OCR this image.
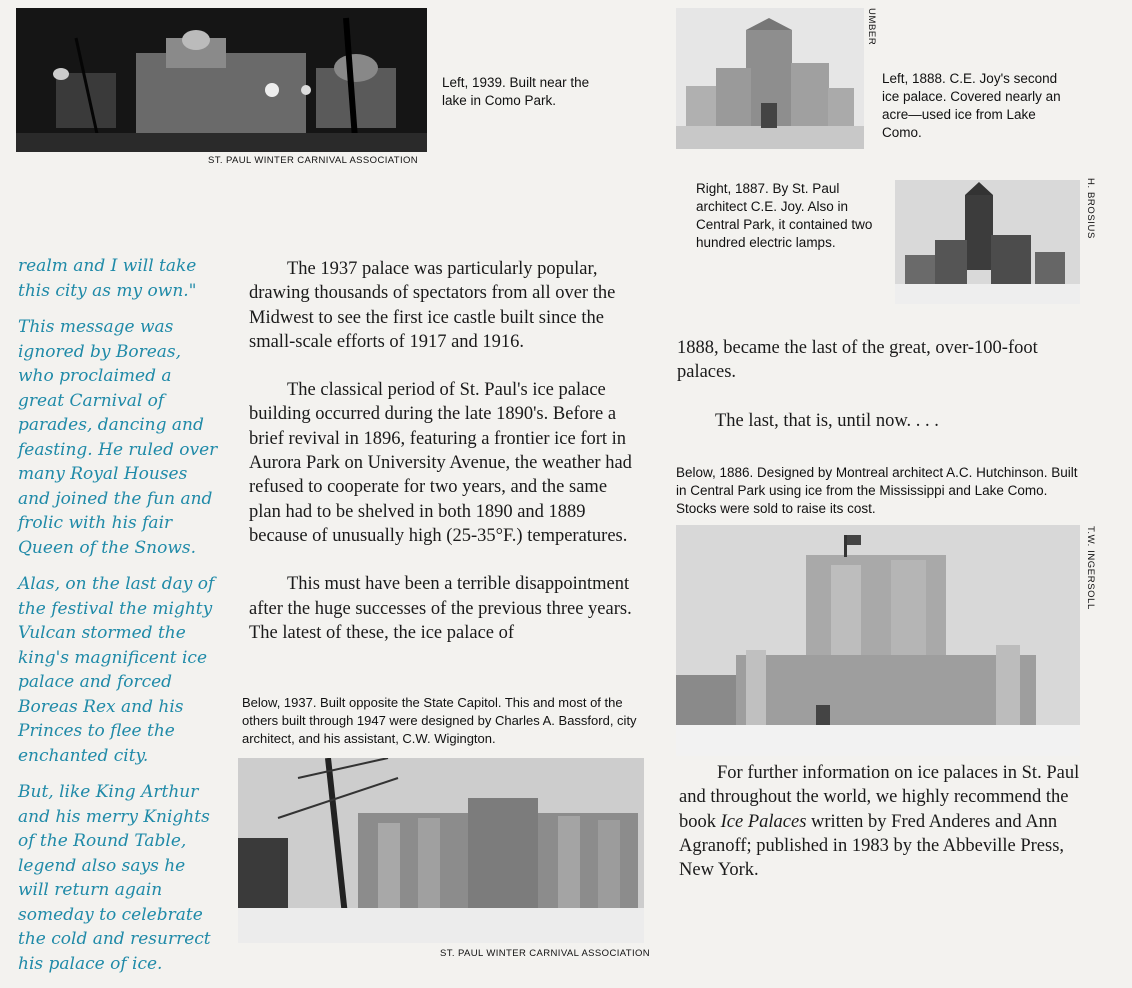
ST. PAUL WINTER CARNIVAL ASSOCIATION
Left, 1939. Built near the lake in Como Park.
UMBER
Left, 1888. C.E. Joy's second ice palace. Covered nearly an acre—used ice from Lake Como.
Right, 1887. By St. Paul architect C.E. Joy. Also in Central Park, it contained two hundred electric lamps.
H. BROSIUS

realm and I will take this city as my own."

This message was ignored by Boreas, who proclaimed a great Carnival of parades, dancing and feasting. He ruled over many Royal Houses and joined the fun and frolic with his fair Queen of the Snows.

Alas, on the last day of the festival the mighty Vulcan stormed the king's magnificent ice palace and forced Boreas Rex and his Princes to flee the enchanted city.

But, like King Arthur and his merry Knights of the Round Table, legend also says he will return again someday to celebrate the cold and resurrect his palace of ice.

The 1937 palace was particularly popular, drawing thousands of spectators from all over the Midwest to see the first ice castle built since the small-scale efforts of 1917 and 1916.

The classical period of St. Paul's ice palace building occurred during the late 1890's. Before a brief revival in 1896, featuring a frontier ice fort in Aurora Park on University Avenue, the weather had refused to cooperate for two years, and the same plan had to be shelved in both 1890 and 1889 because of unusually high (25-35°F.) temperatures.

This must have been a terrible disappointment after the huge successes of the previous three years. The latest of these, the ice palace of

Below, 1937. Built opposite the State Capitol. This and most of the others built through 1947 were designed by Charles A. Bassford, city architect, and his assistant, C.W. Wigington.
ST. PAUL WINTER CARNIVAL ASSOCIATION

1888, became the last of the great, over-100-foot palaces.

The last, that is, until now. . . .

Below, 1886. Designed by Montreal architect A.C. Hutchinson. Built in Central Park using ice from the Mississippi and Lake Como. Stocks were sold to raise its cost.
T.W. INGERSOLL

For further information on ice palaces in St. Paul and throughout the world, we highly recommend the book Ice Palaces written by Fred Anderes and Ann Agranoff; published in 1983 by the Abbeville Press, New York.
